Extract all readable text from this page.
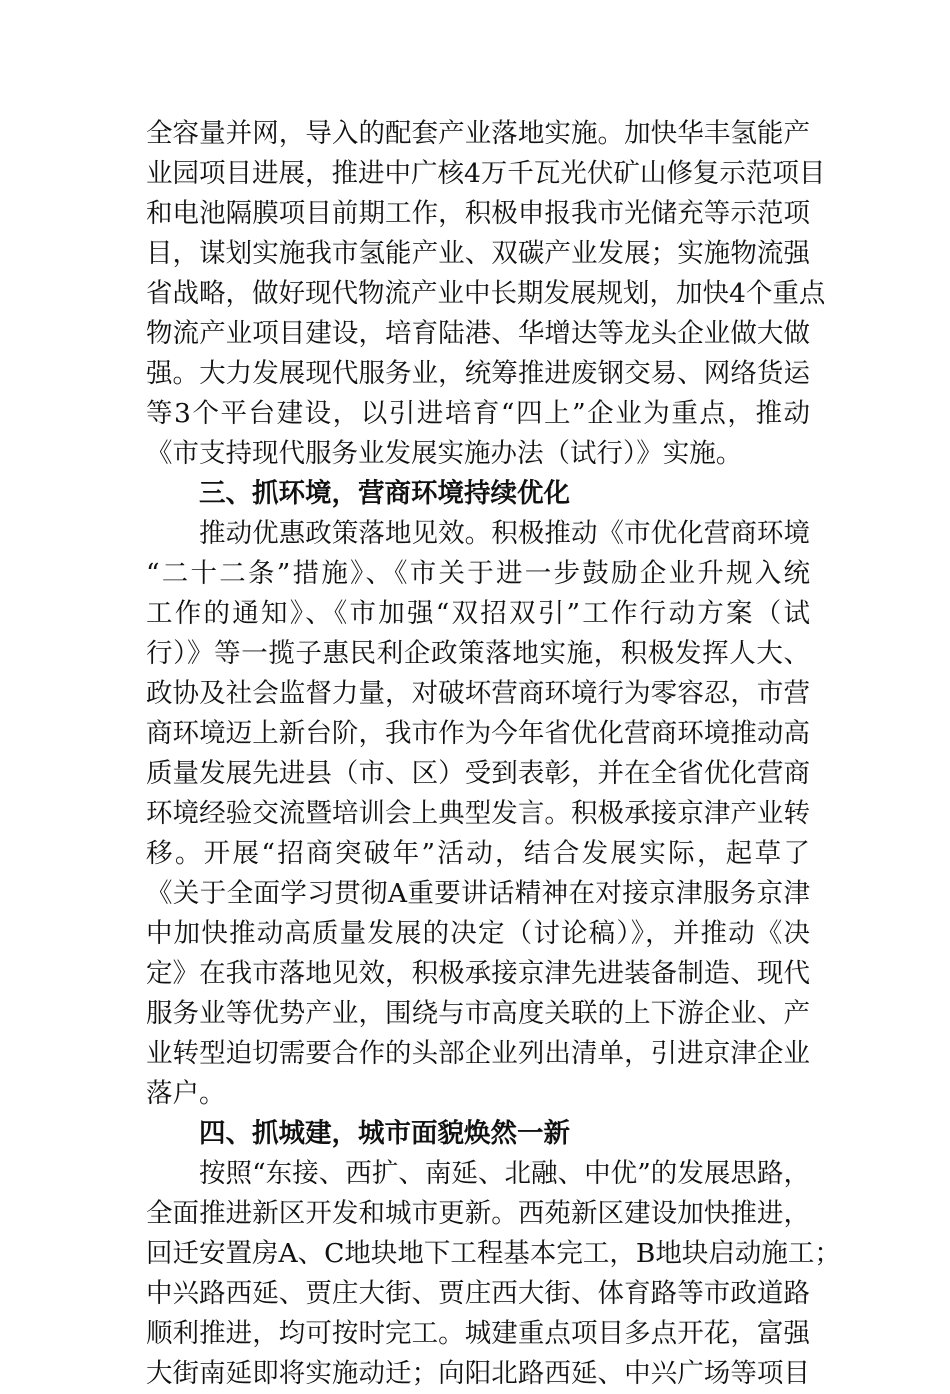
全容量并网，导入的配套产业落地实施。加快华丰氢能产
业园项目进展，推进中广核4万千瓦光伏矿山修复示范项目
和电池隔膜项目前期工作，积极申报我市光储充等示范项
目，谋划实施我市氢能产业、双碳产业发展；实施物流强
省战略，做好现代物流产业中长期发展规划，加快4个重点
物流产业项目建设，培育陆港、华增达等龙头企业做大做
强。大力发展现代服务业，统筹推进废钢交易、网络货运
等3个平台建设，以引进培育“四上”企业为重点，推动
《市支持现代服务业发展实施办法（试行）》实施。
三、抓环境，营商环境持续优化
推动优惠政策落地见效。积极推动《市优化营商环境
“二十二条”措施》、《市关于进一步鼓励企业升规入统
工作的通知》、《市加强“双招双引”工作行动方案（试
行）》等一揽子惠民利企政策落地实施，积极发挥人大、
政协及社会监督力量，对破坏营商环境行为零容忍，市营
商环境迈上新台阶，我市作为今年省优化营商环境推动高
质量发展先进县（市、区）受到表彰，并在全省优化营商
环境经验交流暨培训会上典型发言。积极承接京津产业转
移。开展“招商突破年”活动，结合发展实际，起草了
《关于全面学习贯彻A重要讲话精神在对接京津服务京津
中加快推动高质量发展的决定（讨论稿）》，并推动《决
定》在我市落地见效，积极承接京津先进装备制造、现代
服务业等优势产业，围绕与市高度关联的上下游企业、产
业转型迫切需要合作的头部企业列出清单，引进京津企业
落户。
四、抓城建，城市面貌焕然一新
按照“东接、西扩、南延、北融、中优”的发展思路，
全面推进新区开发和城市更新。西苑新区建设加快推进，
回迁安置房A、C地块地下工程基本完工，B地块启动施工；
中兴路西延、贾庄大街、贾庄西大街、体育路等市政道路
顺利推进，均可按时完工。城建重点项目多点开花，富强
大街南延即将实施动迁；向阳北路西延、中兴广场等项目
